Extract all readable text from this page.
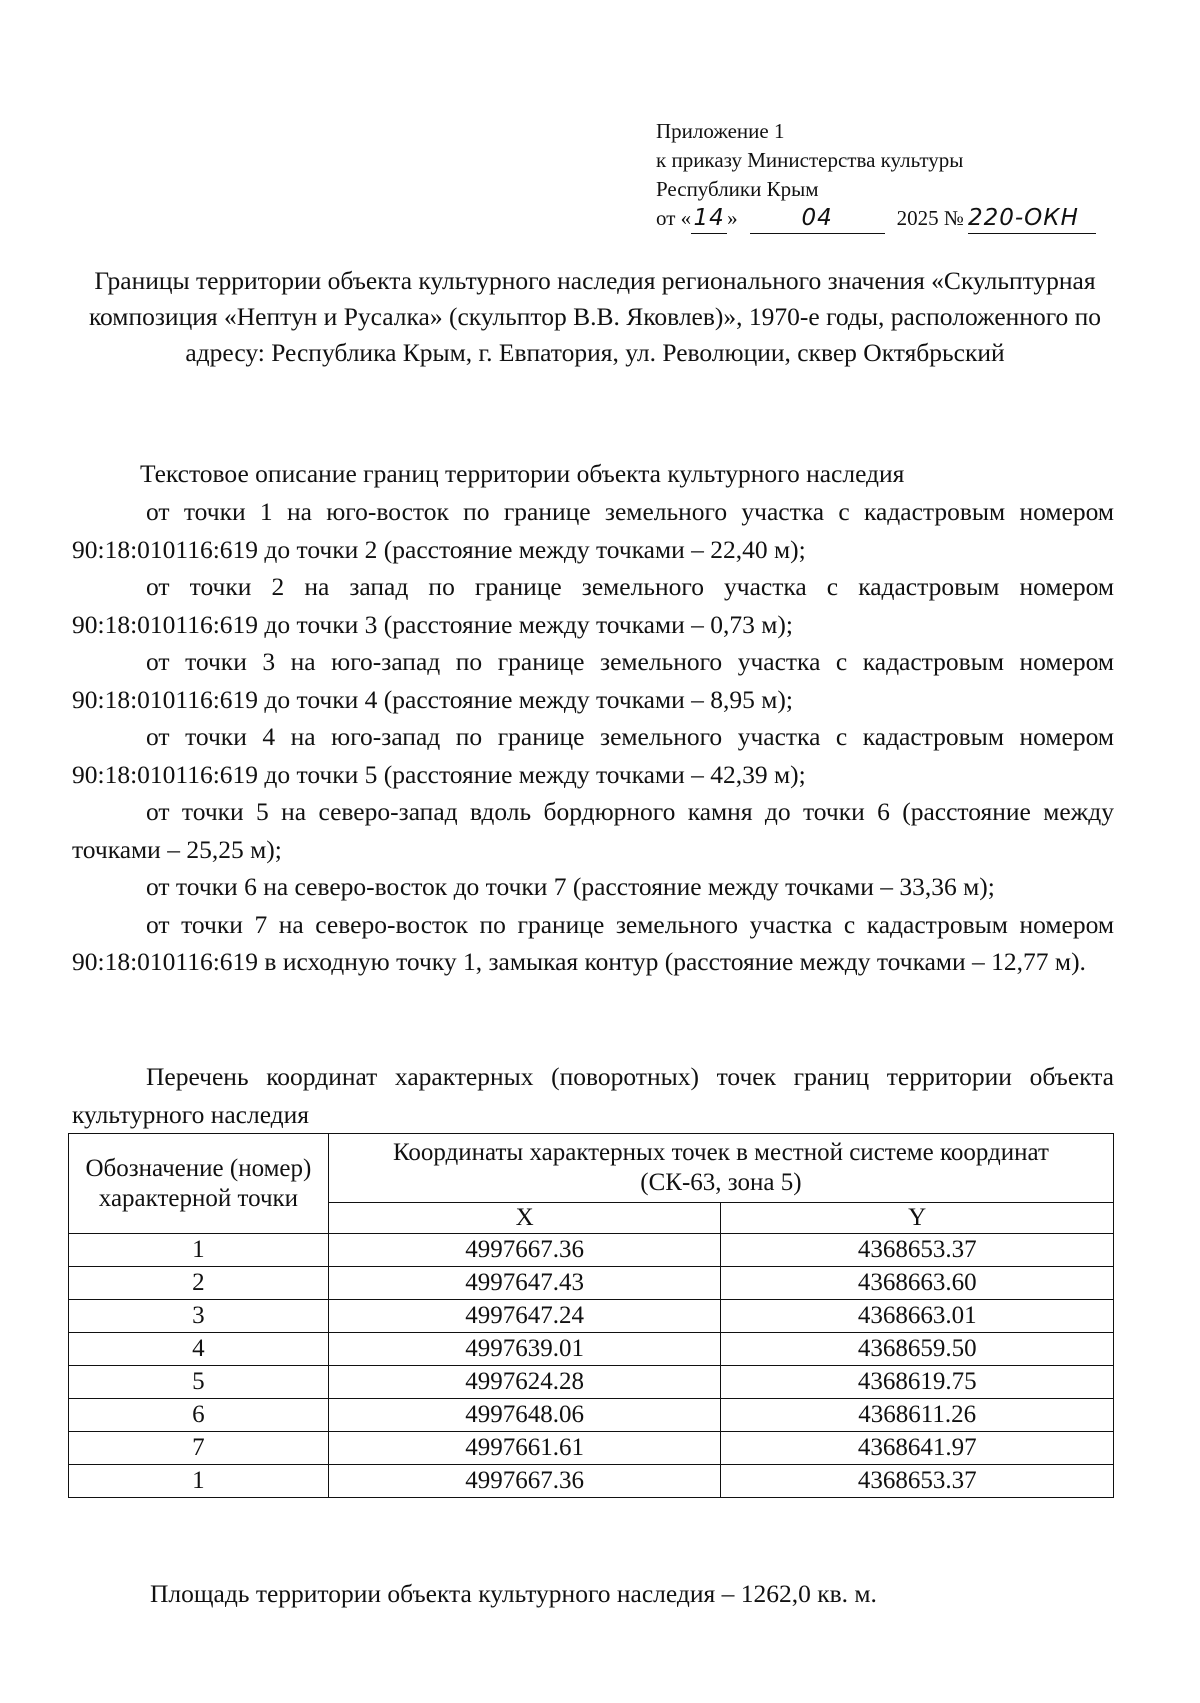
Приложение 1
к приказу Министерства культуры
Республики Крым
от « 14 »	04	2025 № 220-ОКН
Границы территории объекта культурного наследия регионального значения «Скульптурная композиция «Нептун и Русалка» (скульптор В.В. Яковлев)», 1970-е годы, расположенного по адресу: Республика Крым, г. Евпатория, ул. Революции, сквер Октябрьский
Текстовое описание границ территории объекта культурного наследия

от точки 1 на юго-восток по границе земельного участка с кадастровым номером 90:18:010116:619 до точки 2 (расстояние между точками – 22,40 м);

от точки 2 на запад по границе земельного участка с кадастровым номером 90:18:010116:619 до точки 3 (расстояние между точками – 0,73 м);

от точки 3 на юго-запад по границе земельного участка с кадастровым номером 90:18:010116:619 до точки 4 (расстояние между точками – 8,95 м);

от точки 4 на юго-запад по границе земельного участка с кадастровым номером 90:18:010116:619 до точки 5 (расстояние между точками – 42,39 м);

от точки 5 на северо-запад вдоль бордюрного камня до точки 6 (расстояние между точками – 25,25 м);

от точки 6 на северо-восток до точки 7 (расстояние между точками – 33,36 м);

от точки 7 на северо-восток по границе земельного участка с кадастровым номером 90:18:010116:619 в исходную точку 1, замыкая контур (расстояние между точками – 12,77 м).

Перечень координат характерных (поворотных) точек границ территории объекта культурного наследия
Обозначение (номер) характерной точки	Координаты характерных точек в местной системе координат (СК-63, зона 5)	
	X	Y
1	4997667.36	4368653.37
2	4997647.43	4368663.60
3	4997647.24	4368663.01
4	4997639.01	4368659.50
5	4997624.28	4368619.75
6	4997648.06	4368611.26
7	4997661.61	4368641.97
1	4997667.36	4368653.37
Площадь территории объекта культурного наследия – 1262,0 кв. м.
